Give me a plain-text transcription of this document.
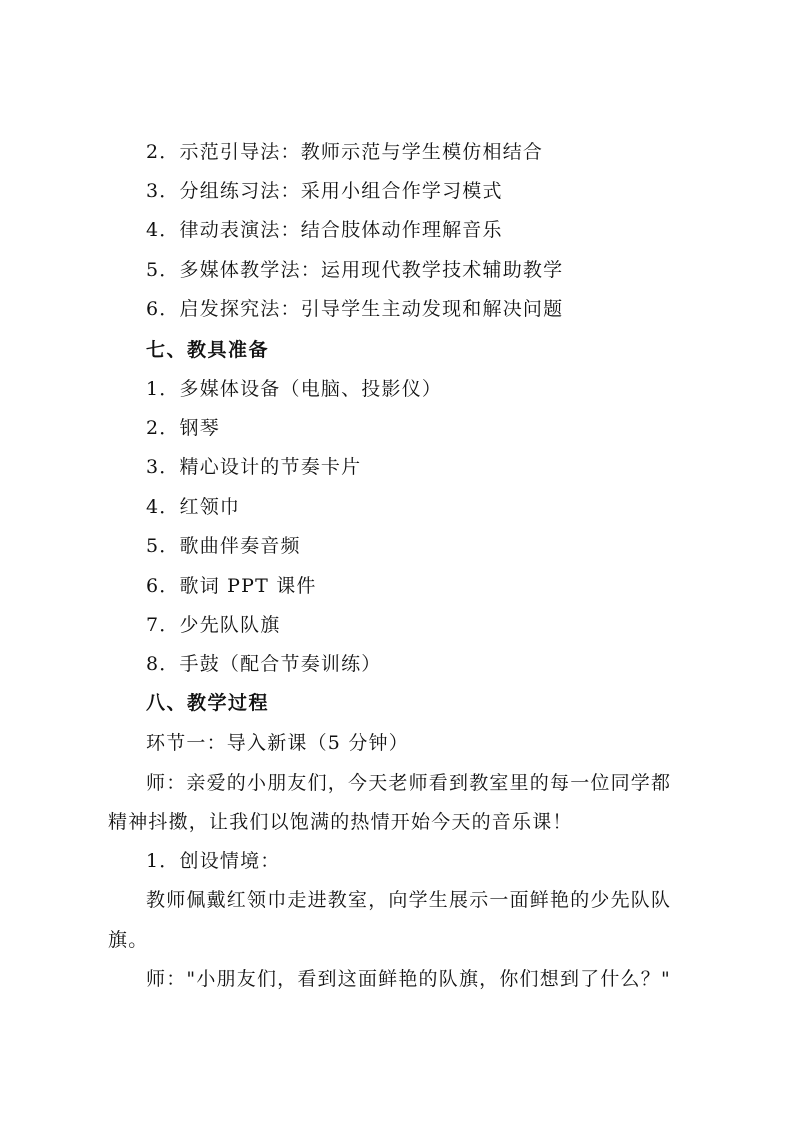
2．示范引导法：教师示范与学生模仿相结合
3．分组练习法：采用小组合作学习模式
4．律动表演法：结合肢体动作理解音乐
5．多媒体教学法：运用现代教学技术辅助教学
6．启发探究法：引导学生主动发现和解决问题
七、教具准备
1．多媒体设备（电脑、投影仪）
2．钢琴
3．精心设计的节奏卡片
4．红领巾
5．歌曲伴奏音频
6．歌词 PPT 课件
7．少先队队旗
8．手鼓（配合节奏训练）
八、教学过程
环节一：导入新课（5 分钟）
师：亲爱的小朋友们，今天老师看到教室里的每一位同学都
精神抖擞，让我们以饱满的热情开始今天的音乐课！
1．创设情境：
教师佩戴红领巾走进教室，向学生展示一面鲜艳的少先队队
旗。
师："小朋友们，看到这面鲜艳的队旗，你们想到了什么？"
